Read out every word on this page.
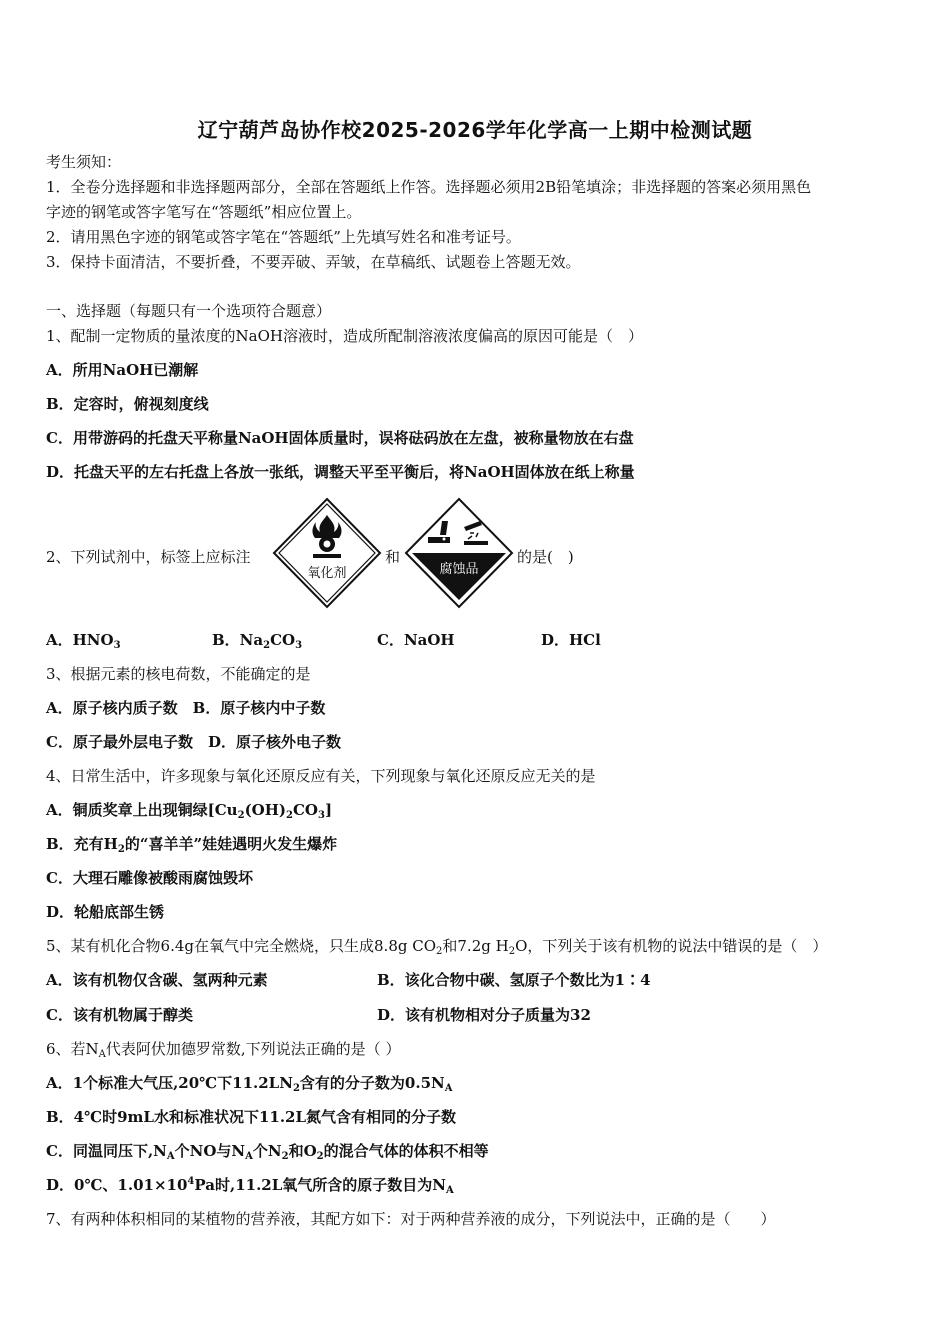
辽宁葫芦岛协作校2025-2026学年化学高一上期中检测试题
考生须知：
1．全卷分选择题和非选择题两部分，全部在答题纸上作答。选择题必须用2B铅笔填涂；非选择题的答案必须用黑色
字迹的钢笔或答字笔写在“答题纸”相应位置上。
2．请用黑色字迹的钢笔或答字笔在“答题纸”上先填写姓名和准考证号。
3．保持卡面清洁，不要折叠，不要弄破、弄皱，在草稿纸、试题卷上答题无效。
一、选择题（每题只有一个选项符合题意）
1、配制一定物质的量浓度的NaOH溶液时，造成所配制溶液浓度偏高的原因可能是（　）
A．所用NaOH已潮解
B．定容时，俯视刻度线
C．用带游码的托盘天平称量NaOH固体质量时，误将砝码放在左盘，被称量物放在右盘
D．托盘天平的左右托盘上各放一张纸，调整天平至平衡后，将NaOH固体放在纸上称量
2、下列试剂中，标签上应标注
氧化剂
和
腐蚀品
的是(　)
A．$HNO_3$	B．$Na_2CO_3$	C．NaOH	D．HCl
3、根据元素的核电荷数，不能确定的是
A．原子核内质子数　B．原子核内中子数
C．原子最外层电子数　D．原子核外电子数
4、日常生活中，许多现象与氧化还原反应有关，下列现象与氧化还原反应无关的是
A．铜质奖章上出现铜绿$[Cu_2(OH)_2CO_3]$
B．充有$H_2$的“喜羊羊”娃娃遇明火发生爆炸
C．大理石雕像被酸雨腐蚀毁坏
D．轮船底部生锈
5、某有机化合物6.4g在氧气中完全燃烧，只生成8.8g $CO_2$和7.2g $H_2O$，下列关于该有机物的说法中错误的是（　）
A．该有机物仅含碳、氢两种元素	B．该化合物中碳、氢原子个数比为1∶4
C．该有机物属于醇类	D．该有机物相对分子质量为32
6、若$N_A$代表阿伏加德罗常数,下列说法正确的是（ ）
A．1个标准大气压,20℃下$11.2LN_2$含有的分子数为$0.5N_A$
B．4℃时9mL水和标准状况下11.2L氮气含有相同的分子数
C．同温同压下$,N_A$个NO与$N_A$个$N_2$和$O_2$的混合气体的体积不相等
D．0℃、$1.01\times 10^4Pa$时,11.2L氧气所含的原子数目为$N_A$
7、有两种体积相同的某植物的营养液，其配方如下：对于两种营养液的成分，下列说法中，正确的是（　　）
